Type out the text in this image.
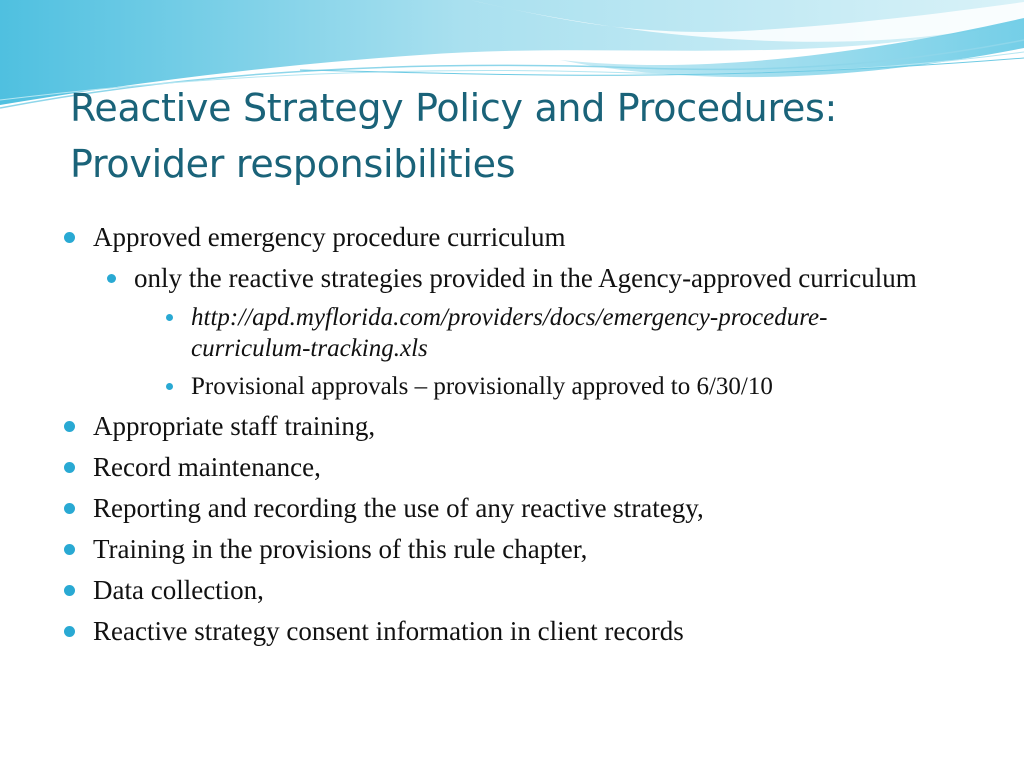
Reactive Strategy Policy and Procedures:
Provider responsibilities
Approved emergency procedure curriculum
only the reactive strategies provided in the Agency-approved curriculum
http://apd.myflorida.com/providers/docs/emergency-procedure-curriculum-tracking.xls
Provisional approvals – provisionally approved to 6/30/10
Appropriate staff training,
Record maintenance,
Reporting and recording the use of any reactive strategy,
Training in the provisions of this rule chapter,
Data collection,
Reactive strategy consent information in client records
